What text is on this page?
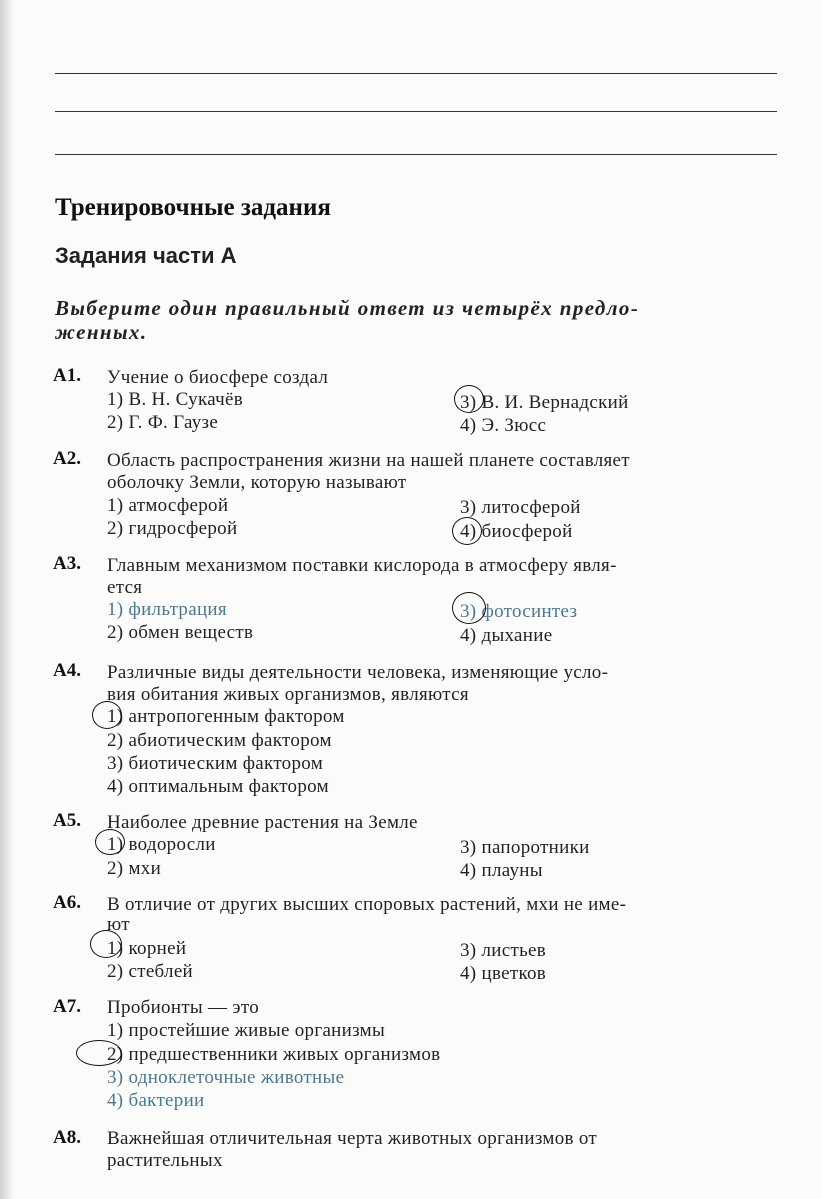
Тренировочные задания
Задания части А

Выберите один правильный ответ из четырёх предло-
женных.

А1. Учение о биосфере создал
1) В. Н. Сукачёв
2) Г. Ф. Гаузе
3) В. И. Вернадский
4) Э. Зюсс
А2. Область распространения жизни на нашей планете составляет
оболочку Земли, которую называют
1) атмосферой
2) гидросферой
3) литосферой
4) биосферой
А3. Главным механизмом поставки кислорода в атмосферу явля-
ется
1) фильтрация
2) обмен веществ
3) фотосинтез
4) дыхание
А4. Различные виды деятельности человека, изменяющие усло-
вия обитания живых организмов, являются
1) антропогенным фактором
2) абиотическим фактором
3) биотическим фактором
4) оптимальным фактором
А5. Наиболее древние растения на Земле
1) водоросли
2) мхи
3) папоротники
4) плауны
А6. В отличие от других высших споровых растений, мхи не име-
ют
1) корней
2) стеблей
3) листьев
4) цветков
А7. Пробионты — это
1) простейшие живые организмы
2) предшественники живых организмов
3) одноклеточные животные
4) бактерии
А8. Важнейшая отличительная черта животных организмов от
растительных
